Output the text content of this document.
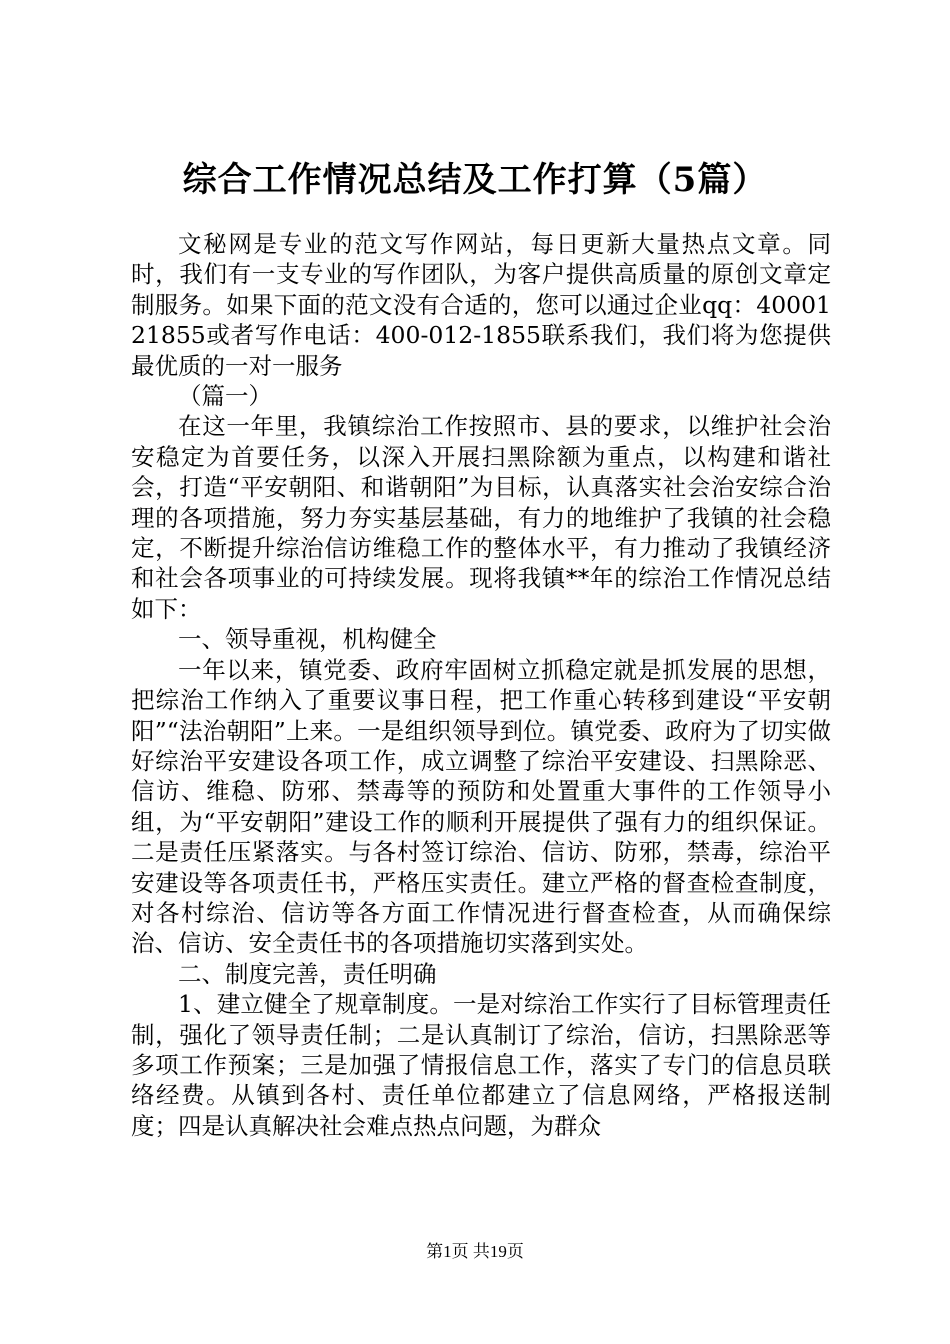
综合工作情况总结及工作打算（5篇）

文秘网是专业的范文写作网站，每日更新大量热点文章。同时，我们有一支专业的写作团队，为客户提供高质量的原创文章定制服务。如果下面的范文没有合适的，您可以通过企业qq：4000121855或者写作电话：400-012-1855联系我们，我们将为您提供最优质的一对一服务

（篇一）

在这一年里，我镇综治工作按照市、县的要求，以维护社会治安稳定为首要任务，以深入开展扫黑除额为重点，以构建和谐社会，打造“平安朝阳、和谐朝阳”为目标，认真落实社会治安综合治理的各项措施，努力夯实基层基础，有力的地维护了我镇的社会稳定，不断提升综治信访维稳工作的整体水平，有力推动了我镇经济和社会各项事业的可持续发展。现将我镇**年的综治工作情况总结如下：

一、领导重视，机构健全

一年以来，镇党委、政府牢固树立抓稳定就是抓发展的思想，把综治工作纳入了重要议事日程，把工作重心转移到建设“平安朝阳”“法治朝阳”上来。一是组织领导到位。镇党委、政府为了切实做好综治平安建设各项工作，成立调整了综治平安建设、扫黑除恶、信访、维稳、防邪、禁毒等的预防和处置重大事件的工作领导小组，为“平安朝阳”建设工作的顺利开展提供了强有力的组织保证。二是责任压紧落实。与各村签订综治、信访、防邪，禁毒，综治平安建设等各项责任书，严格压实责任。建立严格的督查检查制度，对各村综治、信访等各方面工作情况进行督查检查，从而确保综治、信访、安全责任书的各项措施切实落到实处。

二、制度完善，责任明确

1、建立健全了规章制度。一是对综治工作实行了目标管理责任制，强化了领导责任制；二是认真制订了综治，信访，扫黑除恶等多项工作预案；三是加强了情报信息工作，落实了专门的信息员联络经费。从镇到各村、责任单位都建立了信息网络，严格报送制度；四是认真解决社会难点热点问题，为群众

第1页 共19页
